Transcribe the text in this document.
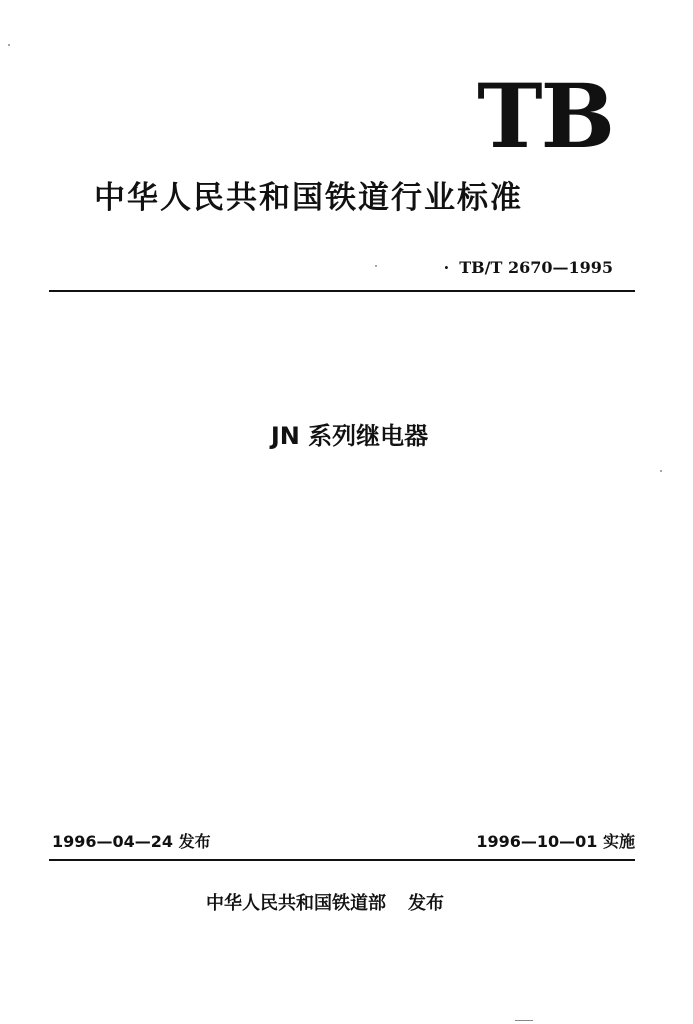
TB
中华人民共和国铁道行业标准
· TB/T 2670—1995
JN 系列继电器
1996—04—24 发布	1996—10—01 实施
中华人民共和国铁道部 发布
